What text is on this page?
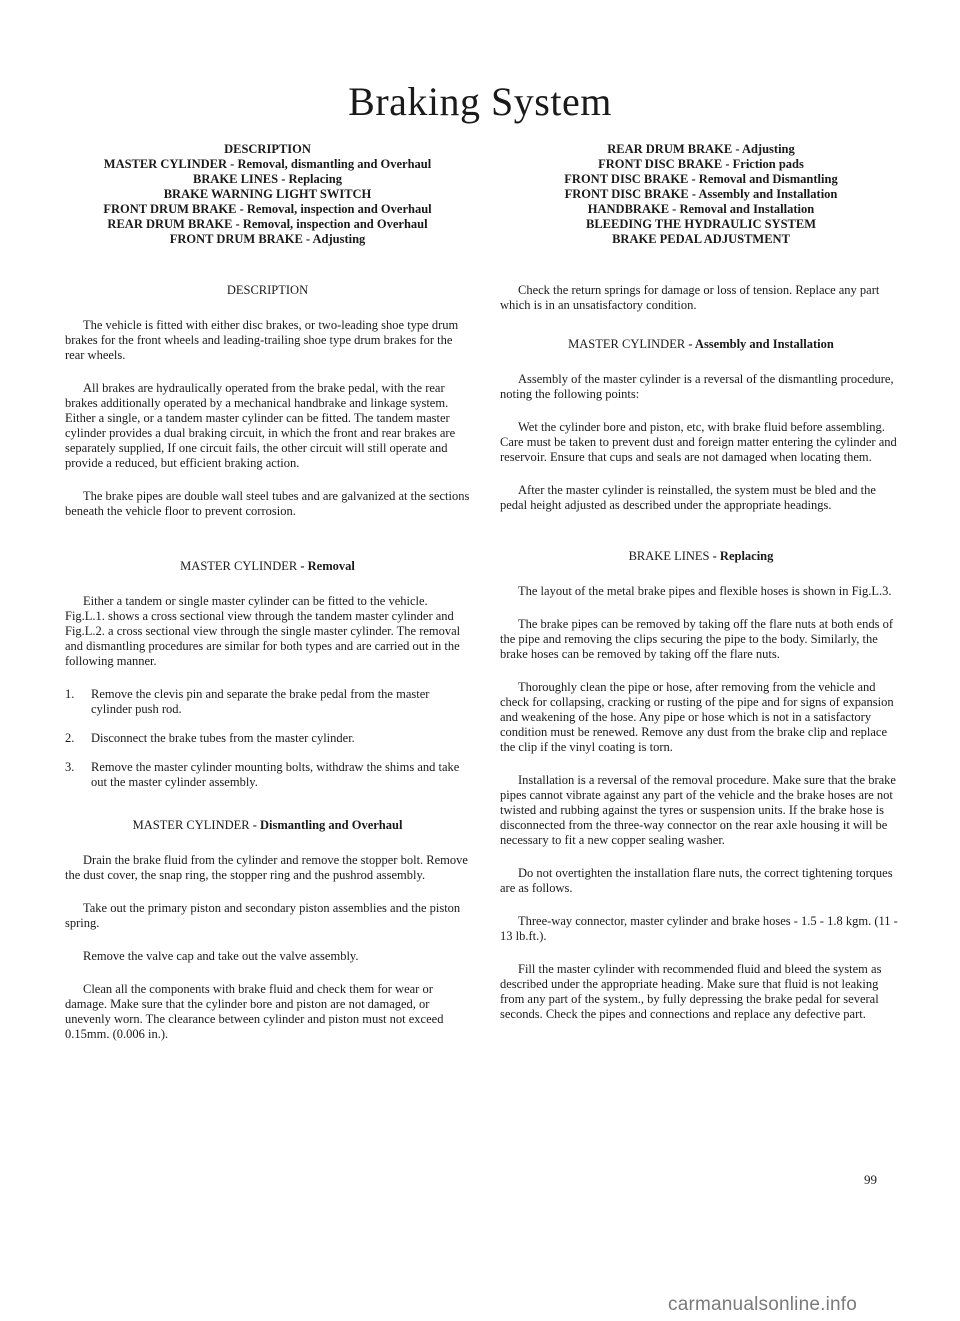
Braking System
DESCRIPTION
MASTER CYLINDER - Removal, dismantling and Overhaul
BRAKE LINES - Replacing
BRAKE WARNING LIGHT SWITCH
FRONT DRUM BRAKE - Removal, inspection and Overhaul
REAR DRUM BRAKE - Removal, inspection and Overhaul
FRONT DRUM BRAKE - Adjusting
DESCRIPTION

The vehicle is fitted with either disc brakes, or two-leading shoe type drum brakes for the front wheels and leading-trailing shoe type drum brakes for the rear wheels.

All brakes are hydraulically operated from the brake pedal, with the rear brakes additionally operated by a mechanical handbrake and linkage system. Either a single, or a tandem master cylinder can be fitted. The tandem master cylinder provides a dual braking circuit, in which the front and rear brakes are separately supplied, If one circuit fails, the other circuit will still operate and provide a reduced, but efficient braking action.

The brake pipes are double wall steel tubes and are galvanized at the sections beneath the vehicle floor to prevent corrosion.

MASTER CYLINDER - Removal

Either a tandem or single master cylinder can be fitted to the vehicle. Fig.L.1. shows a cross sectional view through the tandem master cylinder and Fig.L.2. a cross sectional view through the single master cylinder. The removal and dismantling procedures are similar for both types and are carried out in the following manner.

1.	Remove the clevis pin and separate the brake pedal from the master cylinder push rod.
2.	Disconnect the brake tubes from the master cylinder.
3.	Remove the master cylinder mounting bolts, withdraw the shims and take out the master cylinder assembly.
MASTER CYLINDER - Dismantling and Overhaul

Drain the brake fluid from the cylinder and remove the stopper bolt. Remove the dust cover, the snap ring, the stopper ring and the pushrod assembly.

Take out the primary piston and secondary piston assemblies and the piston spring.

Remove the valve cap and take out the valve assembly.

Clean all the components with brake fluid and check them for wear or damage. Make sure that the cylinder bore and piston are not damaged, or unevenly worn. The clearance between cylinder and piston must not exceed 0.15mm. (0.006 in.).

REAR DRUM BRAKE - Adjusting
FRONT DISC BRAKE - Friction pads
FRONT DISC BRAKE - Removal and Dismantling
FRONT DISC BRAKE - Assembly and Installation
HANDBRAKE - Removal and Installation
BLEEDING THE HYDRAULIC SYSTEM
BRAKE PEDAL ADJUSTMENT

Check the return springs for damage or loss of tension. Replace any part which is in an unsatisfactory condition.

MASTER CYLINDER - Assembly and Installation

Assembly of the master cylinder is a reversal of the dismantling procedure, noting the following points:

Wet the cylinder bore and piston, etc, with brake fluid before assembling. Care must be taken to prevent dust and foreign matter entering the cylinder and reservoir. Ensure that cups and seals are not damaged when locating them.

After the master cylinder is reinstalled, the system must be bled and the pedal height adjusted as described under the appropriate headings.

BRAKE LINES - Replacing

The layout of the metal brake pipes and flexible hoses is shown in Fig.L.3.

The brake pipes can be removed by taking off the flare nuts at both ends of the pipe and removing the clips securing the pipe to the body. Similarly, the brake hoses can be removed by taking off the flare nuts.

Thoroughly clean the pipe or hose, after removing from the vehicle and check for collapsing, cracking or rusting of the pipe and for signs of expansion and weakening of the hose. Any pipe or hose which is not in a satisfactory condition must be renewed. Remove any dust from the brake clip and replace the clip if the vinyl coating is torn.

Installation is a reversal of the removal procedure. Make sure that the brake pipes cannot vibrate against any part of the vehicle and the brake hoses are not twisted and rubbing against the tyres or suspension units. If the brake hose is disconnected from the three-way connector on the rear axle housing it will be necessary to fit a new copper sealing washer.

Do not overtighten the installation flare nuts, the correct tightening torques are as follows.

Three-way connector, master cylinder and brake hoses - 1.5 - 1.8 kgm. (11 - 13 lb.ft.).

Fill the master cylinder with recommended fluid and bleed the system as described under the appropriate heading. Make sure that fluid is not leaking from any part of the system., by fully depressing the brake pedal for several seconds. Check the pipes and connections and replace any defective part.

99
carmanualsonline.info
